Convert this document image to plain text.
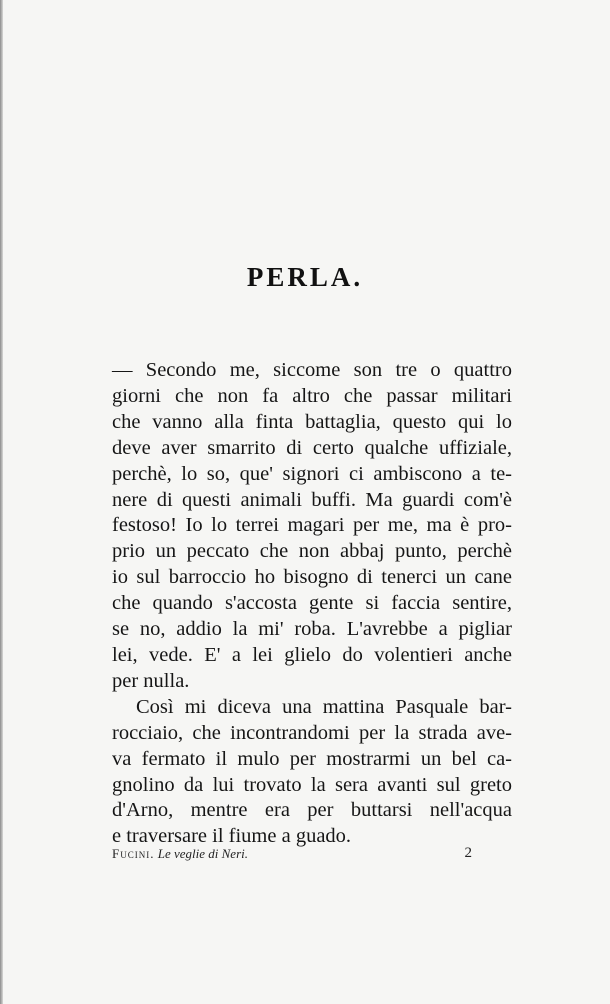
PERLA.
— Secondo me, siccome son tre o quattro
giorni che non fa altro che passar militari
che vanno alla finta battaglia, questo qui lo
deve aver smarrito di certo qualche uffiziale,
perchè, lo so, que' signori ci ambiscono a te-
nere di questi animali buffi. Ma guardi com'è
festoso! Io lo terrei magari per me, ma è pro-
prio un peccato che non abbaj punto, perchè
io sul barroccio ho bisogno di tenerci un cane
che quando s'accosta gente si faccia sentire,
se no, addio la mi' roba. L'avrebbe a pigliar
lei, vede. E' a lei glielo do volentieri anche
per nulla.
Così mi diceva una mattina Pasquale bar-
rocciaio, che incontrandomi per la strada ave-
va fermato il mulo per mostrarmi un bel ca-
gnolino da lui trovato la sera avanti sul greto
d'Arno, mentre era per buttarsi nell'acqua
e traversare il fiume a guado.
Fucini. Le veglie di Neri.	2
